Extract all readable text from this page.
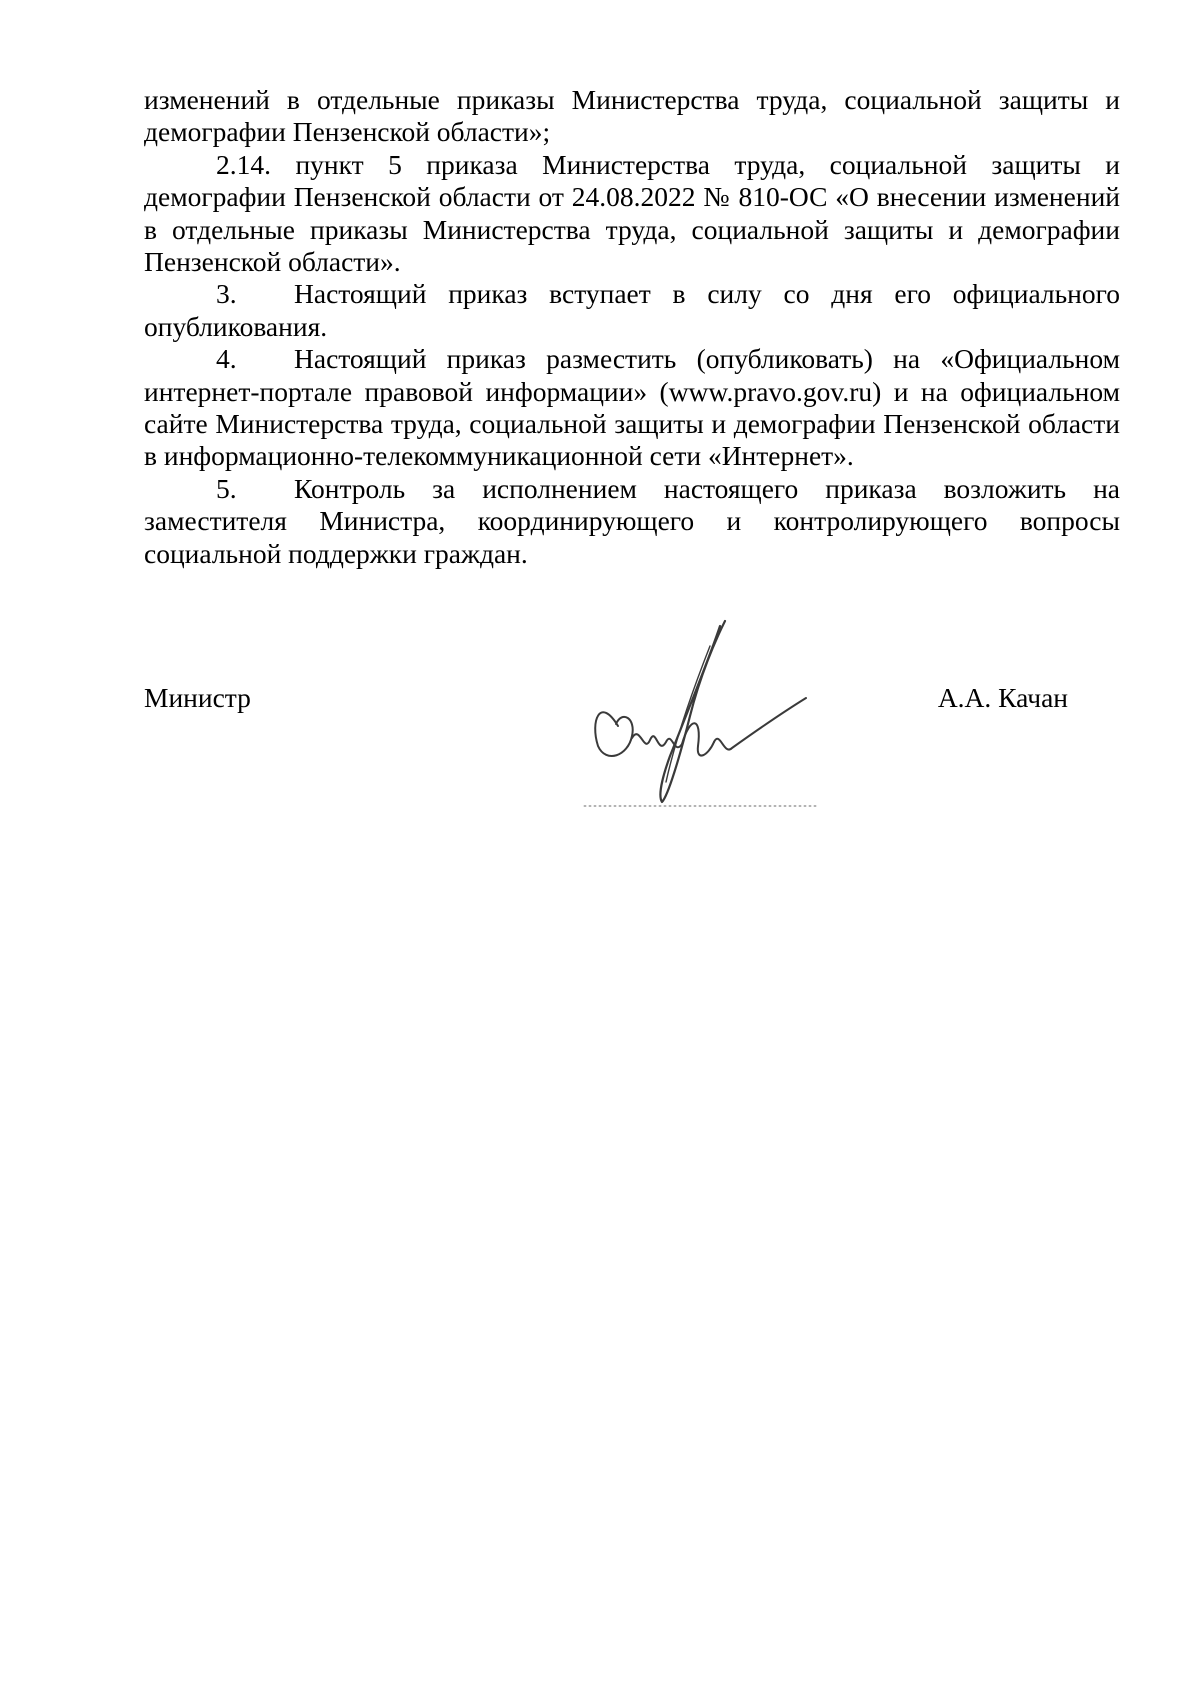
изменений в отдельные приказы Министерства труда, социальной защиты и демографии Пензенской области»;

2.14. пункт 5 приказа Министерства труда, социальной защиты и демографии Пензенской области от 24.08.2022 № 810-ОС «О внесении изменений в отдельные приказы Министерства труда, социальной защиты и демографии Пензенской области».

3. Настоящий приказ вступает в силу со дня его официального опубликования.

4. Настоящий приказ разместить (опубликовать) на «Официальном интернет-портале правовой информации» (www.pravo.gov.ru) и на официальном сайте Министерства труда, социальной защиты и демографии Пензенской области в информационно-телекоммуникационной сети «Интернет».

5. Контроль за исполнением настоящего приказа возложить на заместителя Министра, координирующего и контролирующего вопросы социальной поддержки граждан.

Министр	А.А. Качан
